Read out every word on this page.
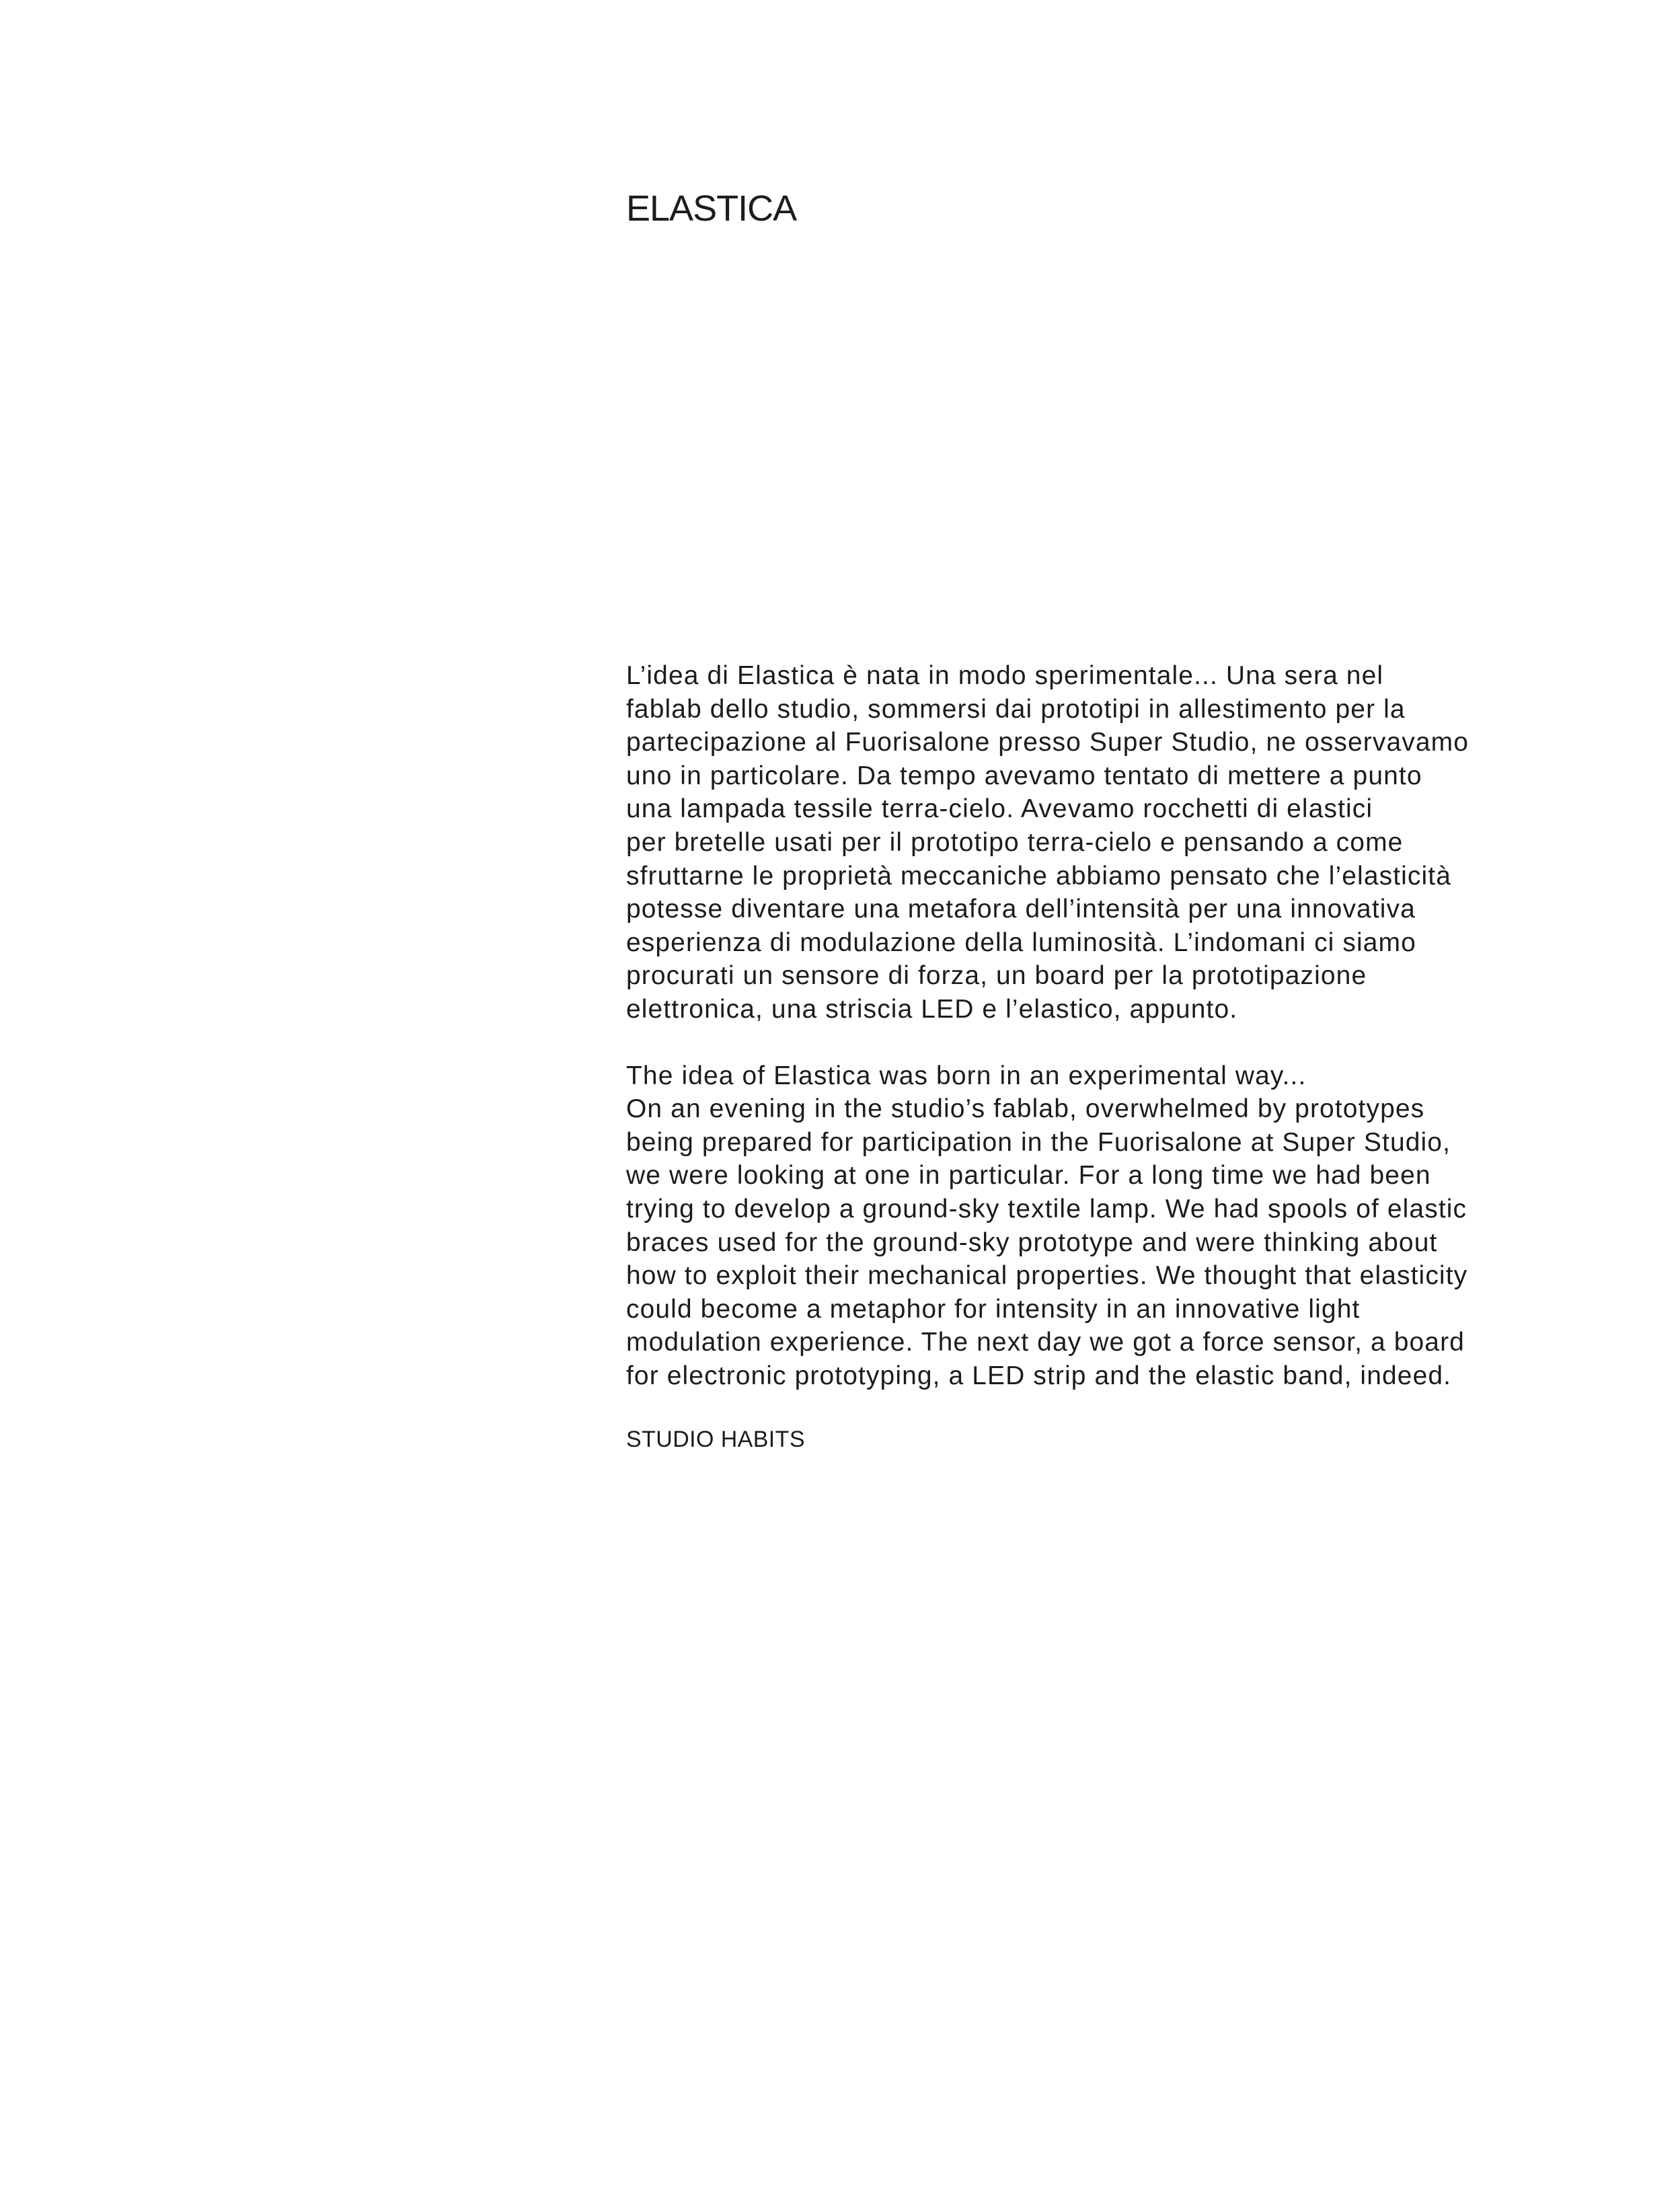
ELASTICA

L’idea di Elastica è nata in modo sperimentale... Una sera nel
fablab dello studio, sommersi dai prototipi in allestimento per la
partecipazione al Fuorisalone presso Super Studio, ne osservavamo
uno in particolare. Da tempo avevamo tentato di mettere a punto
una lampada tessile terra-cielo. Avevamo rocchetti di elastici
per bretelle usati per il prototipo terra-cielo e pensando a come
sfruttarne le proprietà meccaniche abbiamo pensato che l’elasticità
potesse diventare una metafora dell’intensità per una innovativa
esperienza di modulazione della luminosità. L’indomani ci siamo
procurati un sensore di forza, un board per la prototipazione
elettronica, una striscia LED e l’elastico, appunto.

The idea of Elastica was born in an experimental way...
On an evening in the studio’s fablab, overwhelmed by prototypes
being prepared for participation in the Fuorisalone at Super Studio,
we were looking at one in particular. For a long time we had been
trying to develop a ground-sky textile lamp. We had spools of elastic
braces used for the ground-sky prototype and were thinking about
how to exploit their mechanical properties. We thought that elasticity
could become a metaphor for intensity in an innovative light
modulation experience. The next day we got a force sensor, a board
for electronic prototyping, a LED strip and the elastic band, indeed.

STUDIO HABITS
